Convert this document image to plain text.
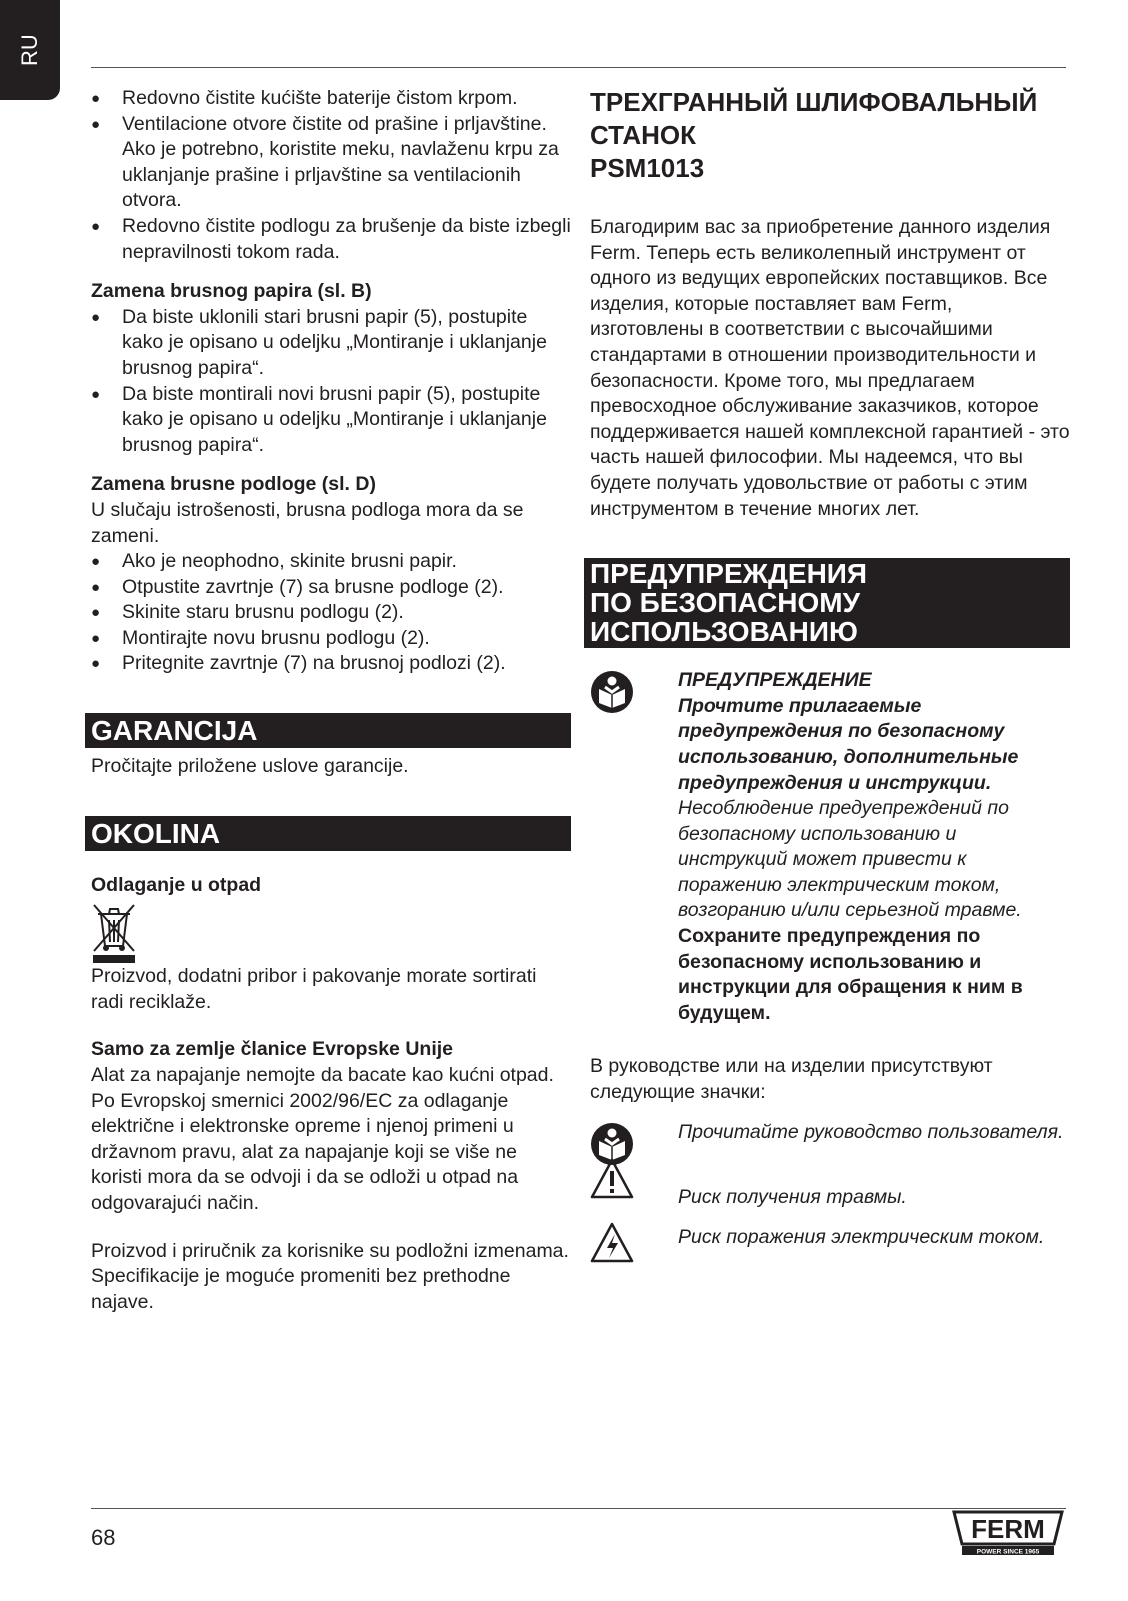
RU
● Redovno čistite kućište baterije čistom krpom.
● Ventilacione otvore čistite od prašine i prljavštine. Ako je potrebno, koristite meku, navlaženu krpu za uklanjanje prašine i prljavštine sa ventilacionih otvora.
● Redovno čistite podlogu za brušenje da biste izbegli nepravilnosti tokom rada.

Zamena brusnog papira (sl. B)

● Da biste uklonili stari brusni papir (5), postupite kako je opisano u odeljku „Montiranje i uklanjanje brusnog papira“.
● Da biste montirali novi brusni papir (5), postupite kako je opisano u odeljku „Montiranje i uklanjanje brusnog papira“.

Zamena brusne podloge (sl. D)

U slučaju istrošenosti, brusna podloga mora da se zameni.

● Ako je neophodno, skinite brusni papir.
● Otpustite zavrtnje (7) sa brusne podloge (2).
● Skinite staru brusnu podlogu (2).
● Montirajte novu brusnu podlogu (2).
● Pritegnite zavrtnje (7) na brusnoj podlozi (2).
GARANCIJA

Pročitajte priložene uslove garancije.

OKOLINA

Odlaganje u otpad

Proizvod, dodatni pribor i pakovanje morate sortirati radi reciklaže.

Samo za zemlje članice Evropske Unije

Alat za napajanje nemojte da bacate kao kućni otpad. Po Evropskoj smernici 2002/96/EC za odlaganje električne i elektronske opreme i njenoj primeni u državnom pravu, alat za napajanje koji se više ne koristi mora da se odvoji i da se odloži u otpad na odgovarajući način.

Proizvod i priručnik za korisnike su podložni izmenama. Specifikacije je moguće promeniti bez prethodne najave.

ТРЕХГРАННЫЙ ШЛИФОВАЛЬНЫЙ
СТАНОК
PSM1013

Благодирим вас за приобретение данного изделия Ferm. Теперь есть великолепный инструмент от одного из ведущих европейских поставщиков. Все изделия, которые поставляет вам Ferm, изготовлены в соответствии с высочайшими стандартами в отношении производительности и безопасности. Кроме того, мы предлагаем превосходное обслуживание заказчиков, которое поддерживается нашей комплексной гарантией - это часть нашей философии. Мы надеемся, что вы будете получать удовольствие от работы с этим инструментом в течение многих лет.

ПРЕДУПРЕЖДЕНИЯ
ПО БЕЗОПАСНОМУ
ИСПОЛЬЗОВАНИЮ

ПРЕДУПРЕЖДЕНИЕ

Прочтите прилагаемые предупреждения по безопасному использованию, дополнительные предупреждения и инструкции.

Несоблюдение предуепреждений по безопасному использованию и инструкций может привести к поражению электрическим током, возгоранию и/или серьезной травме.

Сохраните предупреждения по безопасному использованию и инструкции для обращения к ним в будущем.

В руководстве или на изделии присутствуют следующие значки:

Прочитайте руководство пользователя.

Риск получения травмы.

Риск поражения электрическим током.

68	FERM
POWER SINCE 1965
